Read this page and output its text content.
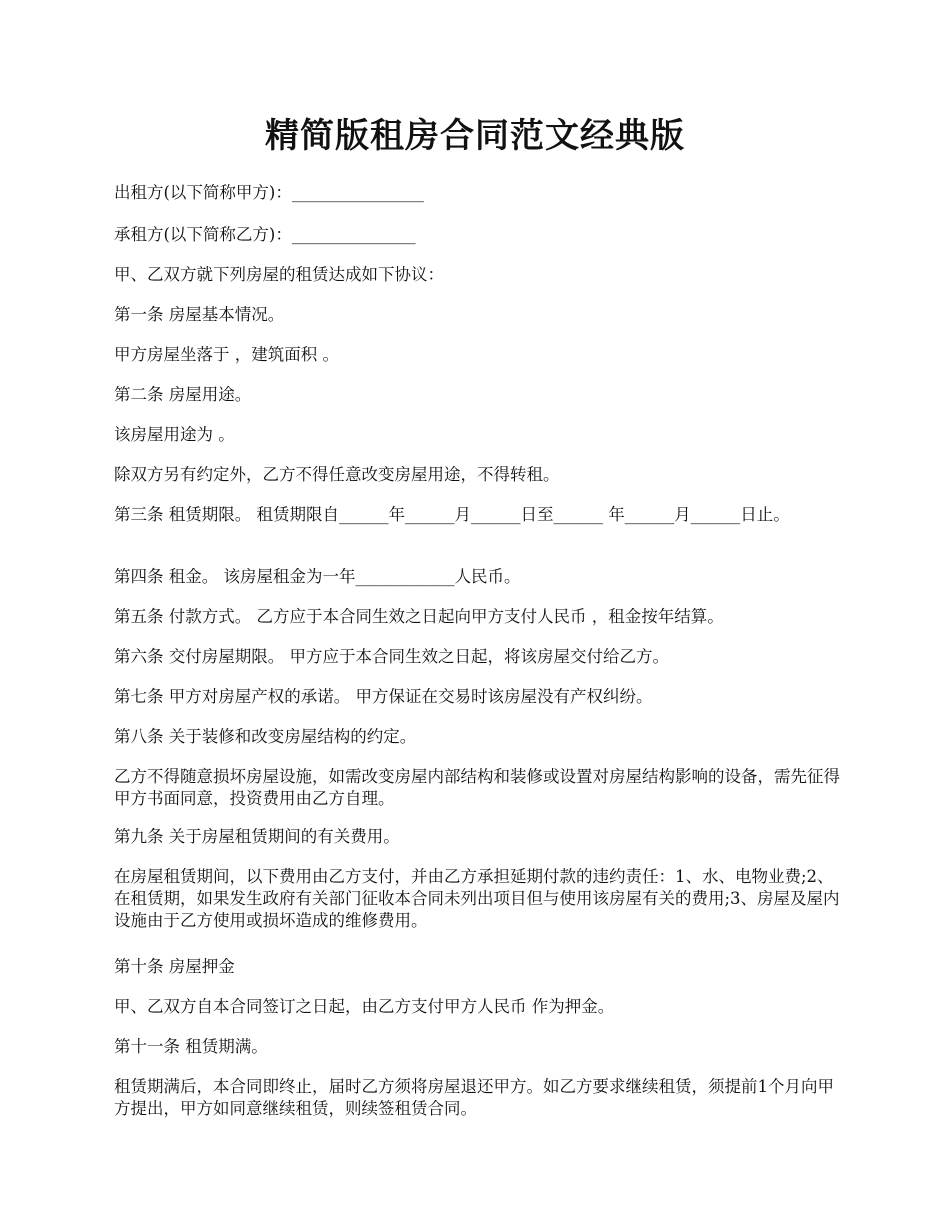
精简版租房合同范文经典版

出租方(以下简称甲方)：________________

承租方(以下简称乙方)：_______________

甲、乙双方就下列房屋的租赁达成如下协议：

第一条 房屋基本情况。

甲方房屋坐落于 ，建筑面积 。

第二条 房屋用途。

该房屋用途为 。

除双方另有约定外，乙方不得任意改变房屋用途，不得转租。

第三条 租赁期限。 租赁期限自______年______月______日至______ 年______月______日止。

第四条 租金。 该房屋租金为一年____________人民币。

第五条 付款方式。 乙方应于本合同生效之日起向甲方支付人民币 ，租金按年结算。

第六条 交付房屋期限。 甲方应于本合同生效之日起，将该房屋交付给乙方。

第七条 甲方对房屋产权的承诺。 甲方保证在交易时该房屋没有产权纠纷。

第八条 关于装修和改变房屋结构的约定。

乙方不得随意损坏房屋设施，如需改变房屋内部结构和装修或设置对房屋结构影响的设备，需先征得甲方书面同意，投资费用由乙方自理。

第九条 关于房屋租赁期间的有关费用。

在房屋租赁期间，以下费用由乙方支付，并由乙方承担延期付款的违约责任：1、水、电物业费;2、在租赁期，如果发生政府有关部门征收本合同未列出项目但与使用该房屋有关的费用;3、房屋及屋内设施由于乙方使用或损坏造成的维修费用。

第十条 房屋押金

甲、乙双方自本合同签订之日起，由乙方支付甲方人民币 作为押金。

第十一条 租赁期满。

租赁期满后，本合同即终止，届时乙方须将房屋退还甲方。如乙方要求继续租赁，须提前1个月向甲方提出，甲方如同意继续租赁，则续签租赁合同。
